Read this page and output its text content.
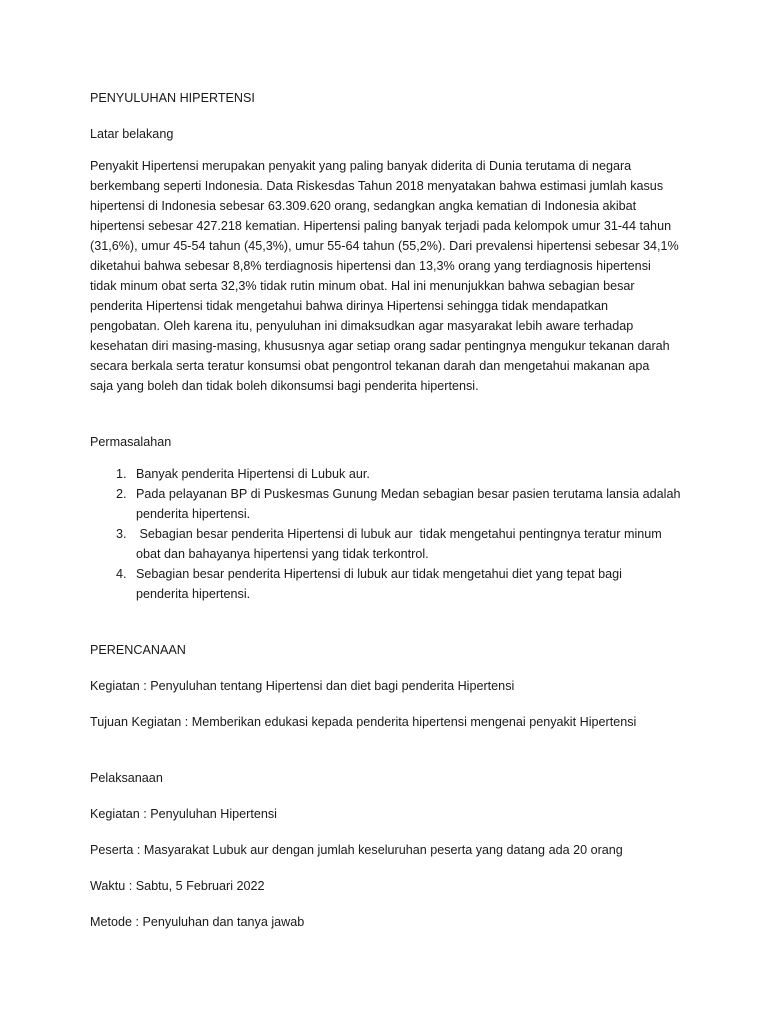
PENYULUHAN HIPERTENSI
Latar belakang
Penyakit Hipertensi merupakan penyakit yang paling banyak diderita di Dunia terutama di negara
berkembang seperti Indonesia. Data Riskesdas Tahun 2018 menyatakan bahwa estimasi jumlah kasus
hipertensi di Indonesia sebesar 63.309.620 orang, sedangkan angka kematian di Indonesia akibat
hipertensi sebesar 427.218 kematian. Hipertensi paling banyak terjadi pada kelompok umur 31-44 tahun
(31,6%), umur 45-54 tahun (45,3%), umur 55-64 tahun (55,2%). Dari prevalensi hipertensi sebesar 34,1%
diketahui bahwa sebesar 8,8% terdiagnosis hipertensi dan 13,3% orang yang terdiagnosis hipertensi
tidak minum obat serta 32,3% tidak rutin minum obat. Hal ini menunjukkan bahwa sebagian besar
penderita Hipertensi tidak mengetahui bahwa dirinya Hipertensi sehingga tidak mendapatkan
pengobatan. Oleh karena itu, penyuluhan ini dimaksudkan agar masyarakat lebih aware terhadap
kesehatan diri masing-masing, khususnya agar setiap orang sadar pentingnya mengukur tekanan darah
secara berkala serta teratur konsumsi obat pengontrol tekanan darah dan mengetahui makanan apa
saja yang boleh dan tidak boleh dikonsumsi bagi penderita hipertensi.
Permasalahan
1. Banyak penderita Hipertensi di Lubuk aur.
2. Pada pelayanan BP di Puskesmas Gunung Medan sebagian besar pasien terutama lansia adalah
penderita hipertensi.
3. Sebagian besar penderita Hipertensi di lubuk aur  tidak mengetahui pentingnya teratur minum
obat dan bahayanya hipertensi yang tidak terkontrol.
4. Sebagian besar penderita Hipertensi di lubuk aur tidak mengetahui diet yang tepat bagi
penderita hipertensi.
PERENCANAAN
Kegiatan : Penyuluhan tentang Hipertensi dan diet bagi penderita Hipertensi
Tujuan Kegiatan : Memberikan edukasi kepada penderita hipertensi mengenai penyakit Hipertensi
Pelaksanaan
Kegiatan : Penyuluhan Hipertensi
Peserta : Masyarakat Lubuk aur dengan jumlah keseluruhan peserta yang datang ada 20 orang
Waktu : Sabtu, 5 Februari 2022
Metode : Penyuluhan dan tanya jawab
